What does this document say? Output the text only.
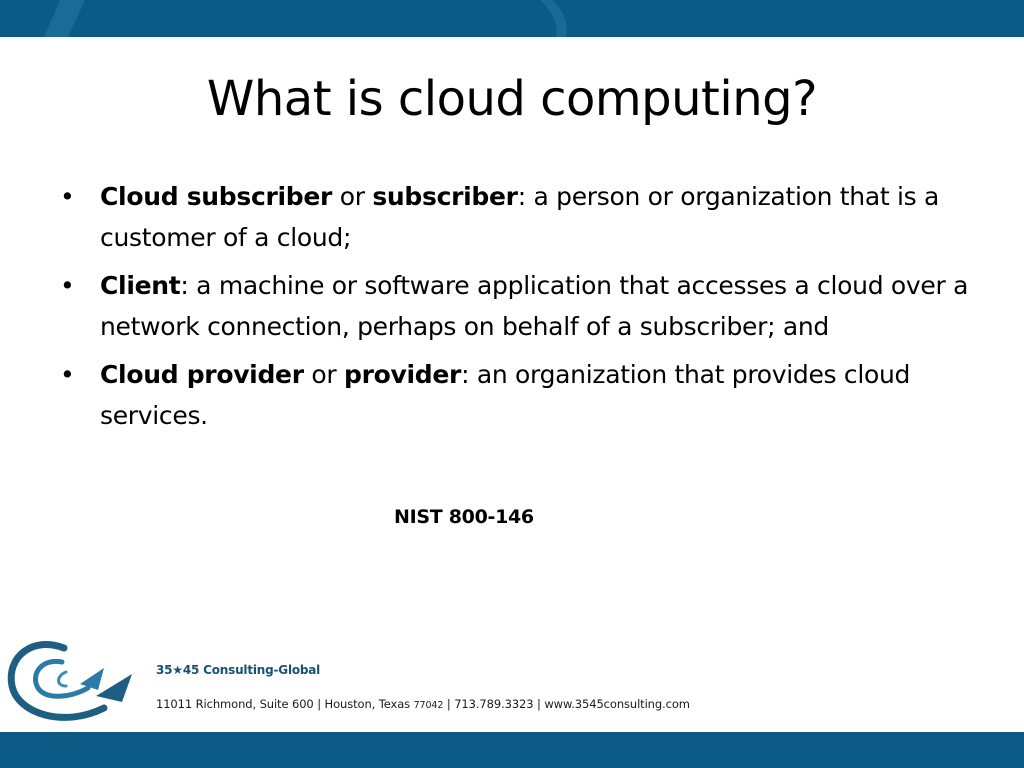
What is cloud computing?
• Cloud subscriber or subscriber: a person or organization that is a customer of a cloud;
• Client: a machine or software application that accesses a cloud over a network connection, perhaps on behalf of a subscriber; and
• Cloud provider or provider: an organization that provides cloud services.
NIST 800-146
35★45 Consulting-Global
11011 Richmond, Suite 600 | Houston, Texas 77042 | 713.789.3323 | www.3545consulting.com
